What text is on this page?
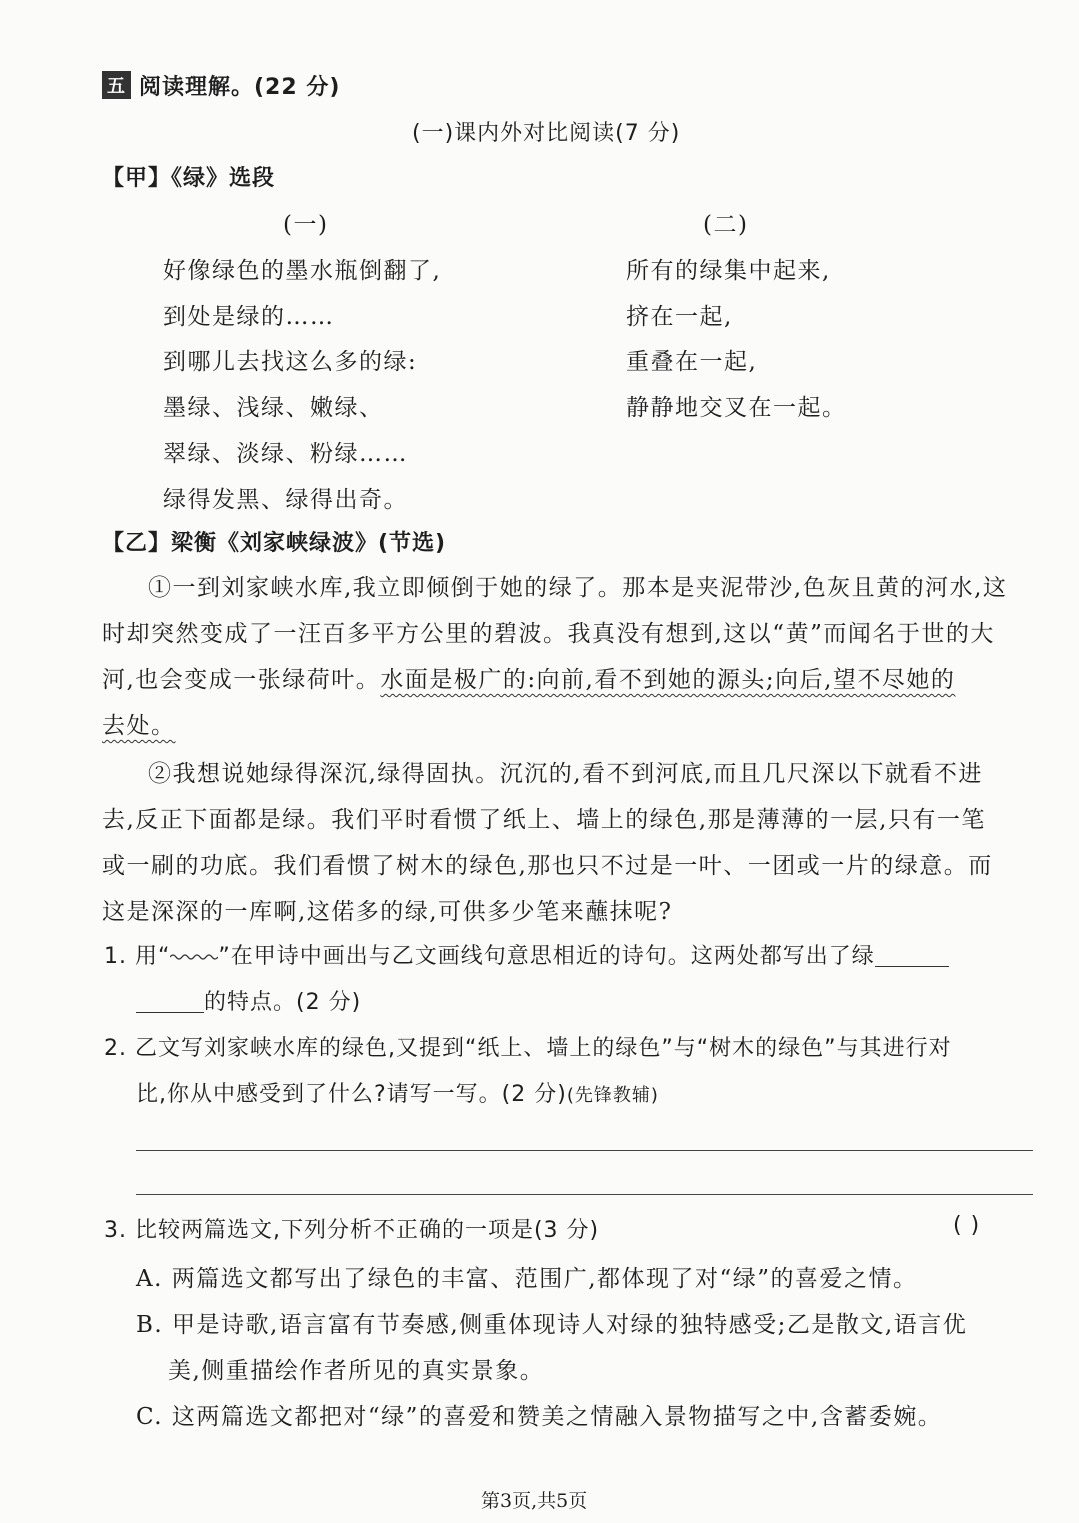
五 阅读理解。(22 分)
(一)课内外对比阅读(7 分)
【甲】《绿》选段
(一)	(二)
好像绿色的墨水瓶倒翻了,
到处是绿的……
到哪儿去找这么多的绿:
墨绿、浅绿、嫩绿、
翠绿、淡绿、粉绿……
绿得发黑、绿得出奇。
所有的绿集中起来,
挤在一起,
重叠在一起,
静静地交叉在一起。
【乙】梁衡《刘家峡绿波》(节选)
①一到刘家峡水库,我立即倾倒于她的绿了。那本是夹泥带沙,色灰且黄的河水,这
时却突然变成了一汪百多平方公里的碧波。我真没有想到,这以“黄”而闻名于世的大
河,也会变成一张绿荷叶。水面是极广的:向前,看不到她的源头;向后,望不尽她的
去处。
②我想说她绿得深沉,绿得固执。沉沉的,看不到河底,而且几尺深以下就看不进
去,反正下面都是绿。我们平时看惯了纸上、墙上的绿色,那是薄薄的一层,只有一笔
或一刷的功底。我们看惯了树木的绿色,那也只不过是一叶、一团或一片的绿意。而
这是深深的一库啊,这偌多的绿,可供多少笔来蘸抹呢?
1. 用“ ”在甲诗中画出与乙文画线句意思相近的诗句。这两处都写出了绿
的特点。(2 分)
2. 乙文写刘家峡水库的绿色,又提到“纸上、墙上的绿色”与“树木的绿色”与其进行对
比,你从中感受到了什么?请写一写。(2 分)(先锋教辅)
3. 比较两篇选文,下列分析不正确的一项是(3 分)	( )
A. 两篇选文都写出了绿色的丰富、范围广,都体现了对“绿”的喜爱之情。
B. 甲是诗歌,语言富有节奏感,侧重体现诗人对绿的独特感受;乙是散文,语言优
美,侧重描绘作者所见的真实景象。
C. 这两篇选文都把对“绿”的喜爱和赞美之情融入景物描写之中,含蓄委婉。
第3页,共5页
